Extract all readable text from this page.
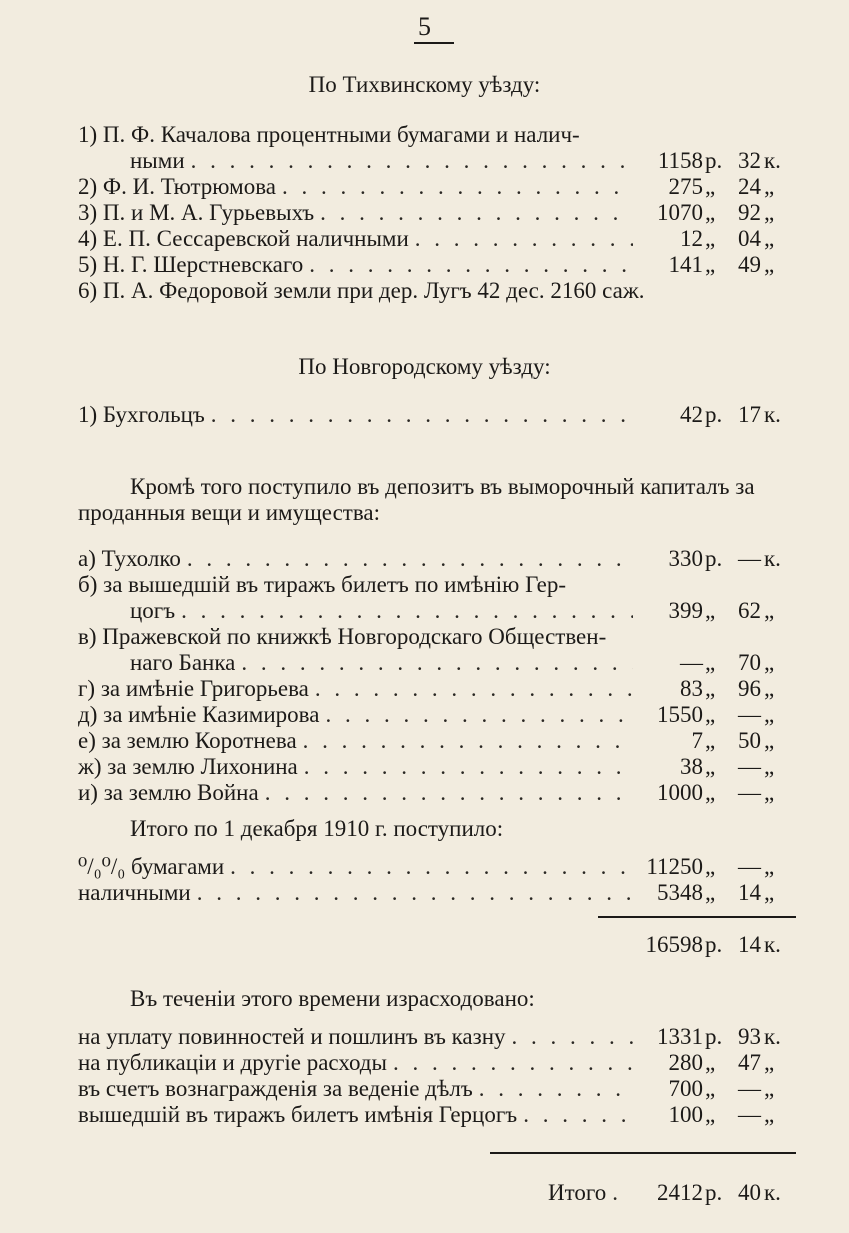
5
По Тихвинскому уѣзду:
1) П. Ф. Качалова процентными бумагами и налич-
ными . . .	1158 р. 32 к.
2) Ф. И. Тютрюмова . . .	275 „ 24 „
3) П. и М. А. Гурьевыхъ . . .	1070 „ 92 „
4) Е. П. Сессаревской наличными . . .	12 „ 04 „
5) Н. Г. Шерстневскаго . . .	141 „ 49 „
6) П. А. Федоровой земли при дер. Лугъ 42 дес. 2160 саж.
По Новгородскому уѣзду:
1) Бухгольцъ . . .	42 р. 17 к.
Кромѣ того поступило въ депозитъ въ выморочный капиталъ за проданныя вещи и имущества:
а) Тухолко . . .	330 р. — к.
б) за вышедшій въ тиражъ билетъ по имѣнію Гер-
цогъ . . .	399 „ 62 „
в) Пражевской по книжкѣ Новгородскаго Обществен-
наго Банка . . .	— „ 70 „
г) за имѣніе Григорьева . . .	83 „ 96 „
д) за имѣніе Казимирова . . .	1550 „ — „
е) за землю Коротнева . . .	7 „ 50 „
ж) за землю Лихонина . . .	38 „ — „
и) за землю Война . . .	1000 „ — „
Итого по 1 декабря 1910 г. поступило:
⁰/₀⁰/₀ бумагами . . .	11250 „ — „
наличными . . .	5348 „ 14 „
16598 р. 14 к.
Въ теченіи этого времени израсходовано:
на уплату повинностей и пошлинъ въ казну . . .	1331 р. 93 к.
на публикаціи и другіе расходы . . .	280 „ 47 „
въ счетъ вознагражденія за веденіе дѣлъ . . .	700 „ — „
вышедшій въ тиражъ билетъ имѣнія Герцогъ . . .	100 „ — „
Итого . . .	2412 р. 40 к.
